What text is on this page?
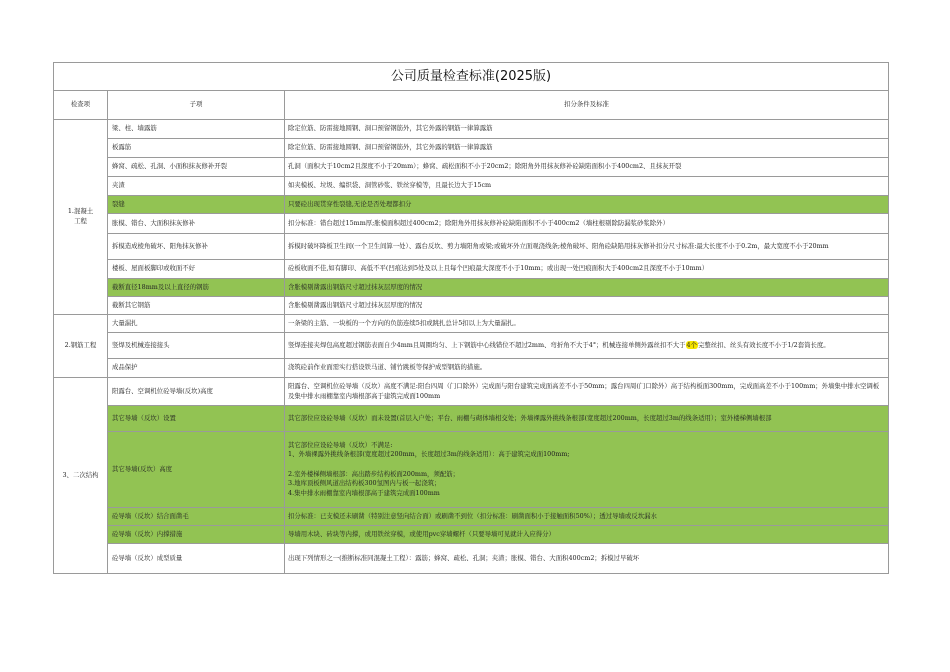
公司质量检查标准(2025版)		
检查项	子项	扣分条件及标准

1.混凝土
工程	梁、柱、墙露筋	除定位筋、防雷接地圆钢、洞口预留钢筋外，其它外露的钢筋一律算露筋
	板露筋	除定位筋、防雷接地圆钢、洞口预留钢筋外，其它外露的钢筋一律算露筋
	蜂窝、疏松、孔洞、小面积抹灰修补开裂	孔洞（面积大于10cm2且深度不小于20mm）；蜂窝、疏松面积不小于20cm2；除阳角外用抹灰修补砼缺陷面积小于400cm2、且抹灰开裂
	夹渣	如夹模板、垃圾、编织袋、洞管砂浆、铁丝穿模等，且最长边大于15cm
	裂缝	只要砼出现贯穿性裂缝,无论是否处理都扣分
	胀模、错台、大面积抹灰修补	扣分标准：错台超过15mm厚;胀模面积超过400cm2；除阳角外用抹灰修补砼缺陷面积不小于400cm2（墙柱根剔除防漏浆砂浆除外）
	拆模造成棱角破坏、阳角抹灰修补	拆模时破坏降板卫生间(一个卫生间算一处）、露台反坎、剪力墙阳角或梁;或破坏外立面观浇线条;棱角破坏、阳角砼缺陷用抹灰修补扣分尺寸标准:最大长度不小于0.2m，最大宽度不小于20mm
	楼板、屋面板脚印或收面不好	砼板收面不佳,如有脚印、高低不平(凹痕达到5处及以上且每个凹痕最大深度不小于10mm；或出现一处凹痕面积大于400cm2且深度不小于10mm）
	截断直径18mm及以上直径的钢筋	含胀模剔凿露出钢筋尺寸超过抹灰层厚度的情况
	截断其它钢筋	含胀模剔凿露出钢筋尺寸超过抹灰层厚度的情况
2.钢筋工程	大量漏扎	一条梁的主筋、一块板的一个方向的负筋连续5扣或跳扎总计5扣以上为大量漏扎。
	竖焊及机械连接接头	竖焊连接夹焊包高度超过钢筋表面自少4mm且周圈均匀、上下钢筋中心线错位不超过2mm、弯折角不大于4°；机械连接单侧外露丝扣不大于4个完整丝扣、丝头有效长度不小于1/2套筒长度。
	成品保护	浇筑砼前作业面需实行搭设铁马道、铺竹跳板等保护成型钢筋的措施。
3、二次结构	阳露台、空调机位砼导墙(反坎)高度	阳露台、空调机位砼导墙（反坎）高度不满足:阳台四周（门口除外）完成面与阳台建筑完成面高差不小于50mm；露台四周(门口除外）高于结构板面300mm，完成面高差不小于100mm；外墙集中排水空调板及集中排水雨棚靠室内墙根部高于建筑完成面100mm
	其它导墙（反坎）设置	其它部位应设砼导墙（反坎）而未设置(首层入户处；平台、雨棚与砌体墙相交处；外墙裸露外挑线条根部(宽度超过200mm，长度超过3m的线条适用）；室外楼梯侧墙根部
	其它导墙(反坎）高度	其它部位应设砼导墙（反坎）不满足:
1、外墙裸露外挑线条根部(宽度超过200mm，长度超过3m的线条适用）：高于建筑完成面100mm;

2.室外楼梯侧墙根部：高出踏步结构板面200mm，须配筋；
3.地库顶板侧风道出结构板300氢图内与板一起浇筑；
4.集中排水雨棚靠室内墙根部高于建筑完成面100mm

	砼导墙（反坎）结合面凿毛	扣分标准：已支模还未刷凿（特别注意竖向结合面）或刷凿不到位（扣分标准：刷凿面积小于接触面积50%）；透过导墙或反坎漏水
	砼导墙（反坎）内撑措施	导墙用木块、砖块等内撑，或用铁丝穿模，或使用pvc穿墙螺杆（只要导墙可见就计入应得分）
	砼导墙（反坎）成型质量	出现下列情形之一(推断标准同混凝土工程）：露筋；蜂窝、疏松、孔洞；夹渣；胀模、错台、大面积400cm2；拆模过早破坏
